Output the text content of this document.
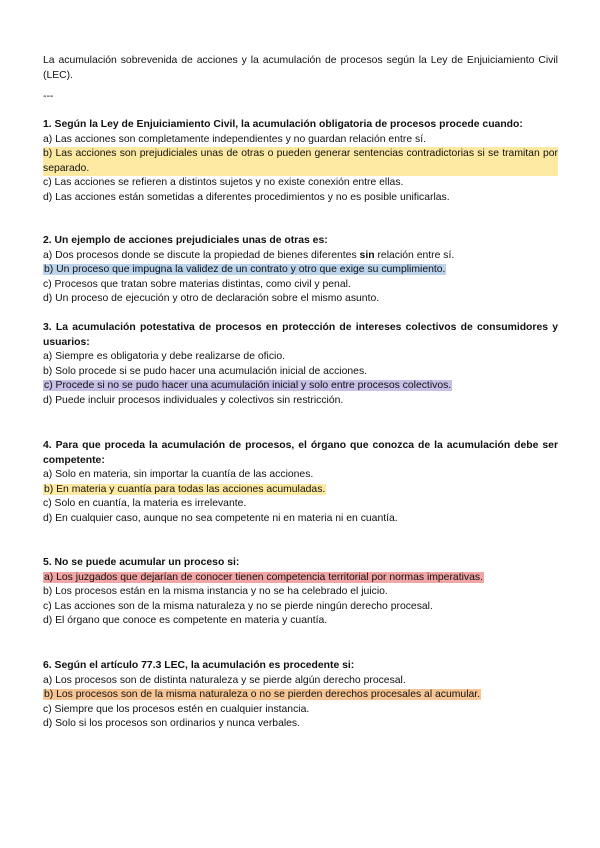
La acumulación sobrevenida de acciones y la acumulación de procesos según la Ley de Enjuiciamiento Civil (LEC).

---

1. Según la Ley de Enjuiciamiento Civil, la acumulación obligatoria de procesos procede cuando:

a) Las acciones son completamente independientes y no guardan relación entre sí.

b) Las acciones son prejudiciales unas de otras o pueden generar sentencias contradictorias si se tramitan por separado.

c) Las acciones se refieren a distintos sujetos y no existe conexión entre ellas.

d) Las acciones están sometidas a diferentes procedimientos y no es posible unificarlas.

2. Un ejemplo de acciones prejudiciales unas de otras es:

a) Dos procesos donde se discute la propiedad de bienes diferentes sin relación entre sí.

b) Un proceso que impugna la validez de un contrato y otro que exige su cumplimiento.

c) Procesos que tratan sobre materias distintas, como civil y penal.

d) Un proceso de ejecución y otro de declaración sobre el mismo asunto.

3. La acumulación potestativa de procesos en protección de intereses colectivos de consumidores y usuarios:

a) Siempre es obligatoria y debe realizarse de oficio.

b) Solo procede si se pudo hacer una acumulación inicial de acciones.

c) Procede si no se pudo hacer una acumulación inicial y solo entre procesos colectivos.

d) Puede incluir procesos individuales y colectivos sin restricción.

4. Para que proceda la acumulación de procesos, el órgano que conozca de la acumulación debe ser competente:

a) Solo en materia, sin importar la cuantía de las acciones.

b) En materia y cuantía para todas las acciones acumuladas.

c) Solo en cuantía, la materia es irrelevante.

d) En cualquier caso, aunque no sea competente ni en materia ni en cuantía.

5. No se puede acumular un proceso si:

a) Los juzgados que dejarían de conocer tienen competencia territorial por normas imperativas.

b) Los procesos están en la misma instancia y no se ha celebrado el juicio.

c) Las acciones son de la misma naturaleza y no se pierde ningún derecho procesal.

d) El órgano que conoce es competente en materia y cuantía.

6. Según el artículo 77.3 LEC, la acumulación es procedente si:

a) Los procesos son de distinta naturaleza y se pierde algún derecho procesal.

b) Los procesos son de la misma naturaleza o no se pierden derechos procesales al acumular.

c) Siempre que los procesos estén en cualquier instancia.

d) Solo si los procesos son ordinarios y nunca verbales.
